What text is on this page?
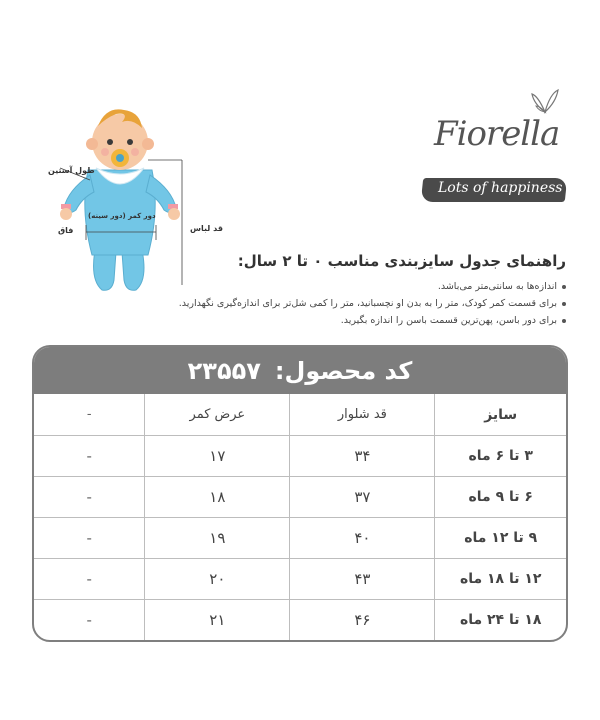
طول آستین
قد لباس
دور کمر (دور سینه)
فاق
Fiorella
Lots of happiness

راهنمای جدول سایزبندی مناسب ۰ تا ۲ سال:

اندازه‌ها به سانتی‌متر می‌باشد.
برای قسمت کمر کودک، متر را به بدن او نچسبانید، متر را کمی شل‌تر برای اندازه‌گیری نگهدارید.
برای دور باسن، پهن‌ترین قسمت باسن را اندازه بگیرید.
کد محصول:
۲۳۵۵۷
سایز	قد شلوار	عرض کمر	-
۳ تا ۶ ماه	۳۴	۱۷	-
۶ تا ۹ ماه	۳۷	۱۸	-
۹ تا ۱۲ ماه	۴۰	۱۹	-
۱۲ تا ۱۸ ماه	۴۳	۲۰	-
۱۸ تا ۲۴ ماه	۴۶	۲۱	-
